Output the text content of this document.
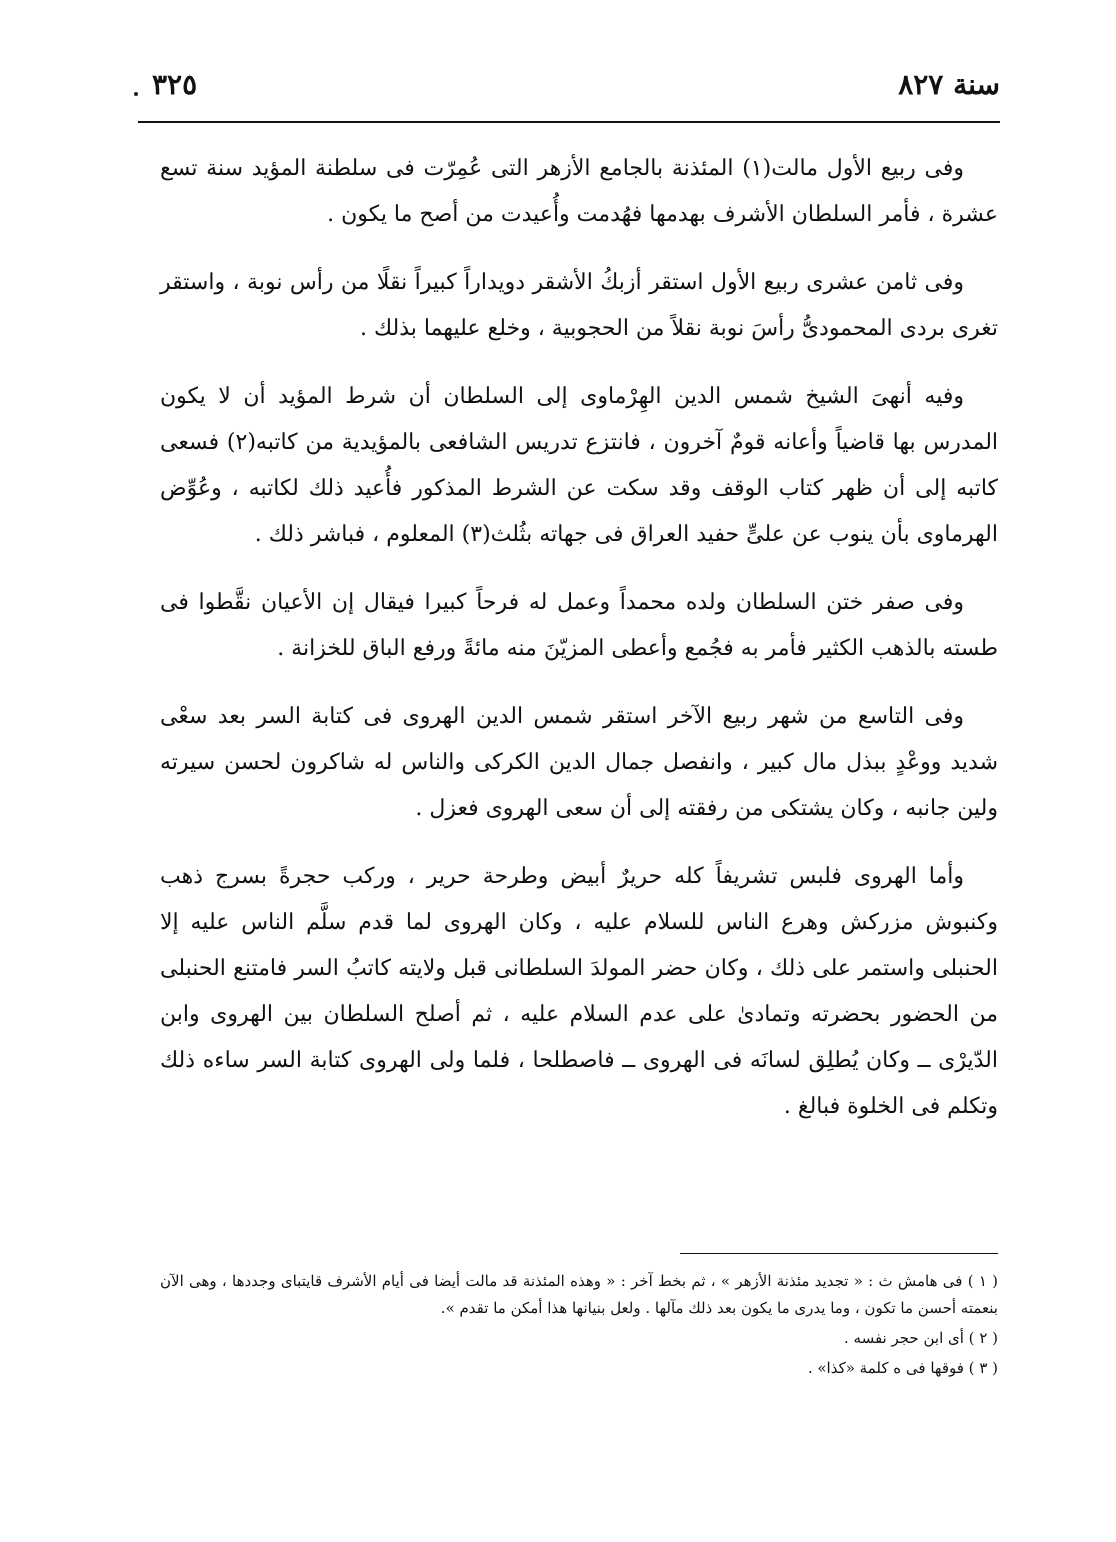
سنة ٨٢٧
٣٢٥

وفى ربيع الأول مالت(١) المئذنة بالجامع الأزهر التى عُمِرّت فى سلطنة المؤيد سنة تسع عشرة ، فأمر السلطان الأشرف بهدمها فهُدمت وأُعيدت من أصح ما يكون .

وفى ثامن عشرى ربيع الأول استقر أزبكُ الأشقر دويداراً كبيراً نقلًا من رأس نوبة ، واستقر تغرى بردى المحمودىُّ رأسَ نوبة نقلاً من الحجوبية ، وخلع عليهما بذلك .

وفيه أنهىَ الشيخ شمس الدين الهِرْماوى إلى السلطان أن شرط المؤيد أن لا يكون المدرس بها قاضياً وأعانه قومٌ آخرون ، فانتزع تدريس الشافعى بالمؤيدية من كاتبه(٢) فسعى كاتبه إلى أن ظهر كتاب الوقف وقد سكت عن الشرط المذكور فأُعيد ذلك لكاتبه ، وعُوِّض الهرماوى بأن ينوب عن علىٍّ حفيد العراق فى جهاته بثُلث(٣) المعلوم ، فباشر ذلك .

وفى صفر ختن السلطان ولده محمداً وعمل له فرحاً كبيرا فيقال إن الأعيان نقَّطوا فى طسته بالذهب الكثير فأمر به فجُمع وأعطى المزيّنَ منه مائةً ورفع الباق للخزانة .

وفى التاسع من شهر ربيع الآخر استقر شمس الدين الهروى فى كتابة السر بعد سعْى شديد ووعْدٍ ببذل مال كبير ، وانفصل جمال الدين الكركى والناس له شاكرون لحسن سيرته ولين جانبه ، وكان يشتكى من رفقته إلى أن سعى الهروى فعزل .

وأما الهروى فلبس تشريفاً كله حريرٌ أبيض وطرحة حرير ، وركب حجرةً بسرج ذهب وكنبوش مزركش وهرع الناس للسلام عليه ، وكان الهروى لما قدم سلَّم الناس عليه إلا الحنبلى واستمر على ذلك ، وكان حضر المولدَ السلطانى قبل ولايته كاتبُ السر فامتنع الحنبلى من الحضور بحضرته وتمادىٰ على عدم السلام عليه ، ثم أصلح السلطان بين الهروى وابن الدّيرْى ــ وكان يُطلِق لسانَه فى الهروى ــ فاصطلحا ، فلما ولى الهروى كتابة السر ساءه ذلك وتكلم فى الخلوة فبالغ .

( ١ ) فى هامش ث : « تجديد مئذنة الأزهر » ، ثم بخط آخر : « وهذه المئذنة قد مالت أيضا فى أيام الأشرف قايتباى وجددها ، وهى الآن بنعمته أحسن ما تكون ، وما يدرى ما يكون بعد ذلك مآلها . ولعل بنيانها هذا أمكن ما تقدم ».

( ٢ ) أى ابن حجر نفسه .

( ٣ ) فوقها فى ه كلمة «كذا» .
